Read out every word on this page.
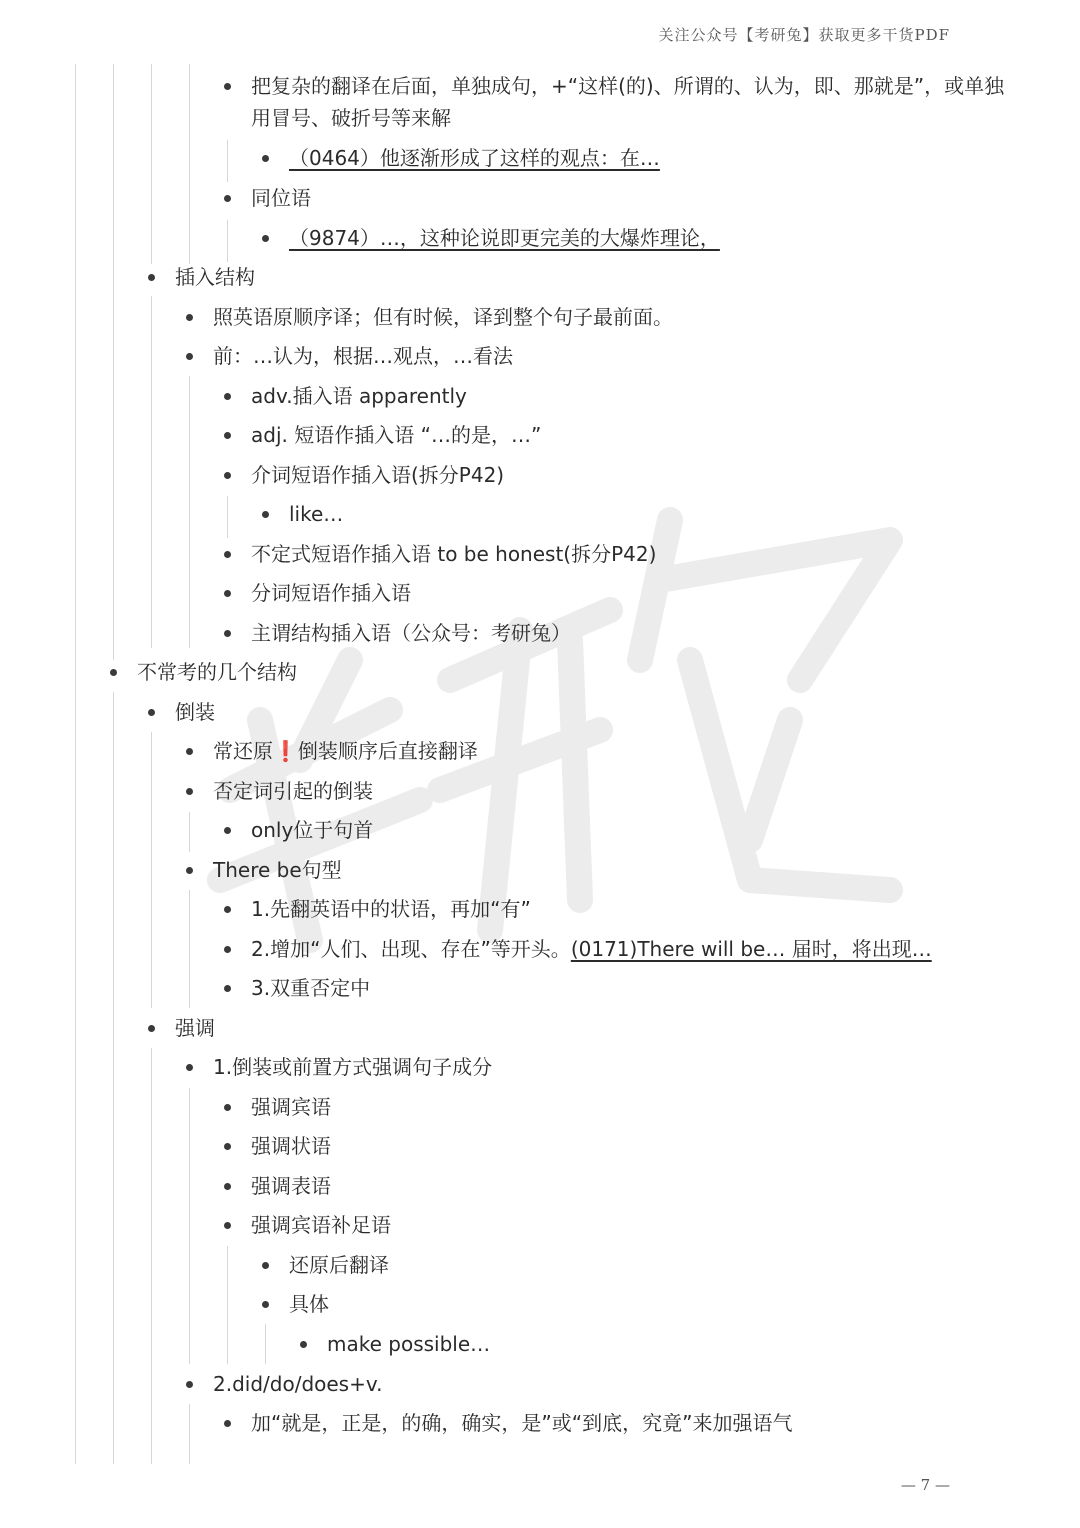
关注公众号【考研兔】获取更多干货PDF
把复杂的翻译在后面，单独成句，+“这样(的)、所谓的、认为，即、那就是”，或单独用冒号、破折号等来解
（0464）他逐渐形成了这样的观点：在…
同位语
（9874）…，这种论说即更完美的大爆炸理论，
插入结构
照英语原顺序译；但有时候，译到整个句子最前面。
前：…认为，根据…观点，…看法
adv.插入语 apparently
adj. 短语作插入语 “…的是，…”
介词短语作插入语(拆分P42)
like…
不定式短语作插入语 to be honest(拆分P42)
分词短语作插入语
主谓结构插入语（公众号：考研兔）
不常考的几个结构
倒装
常还原❗倒装顺序后直接翻译
否定词引起的倒装
only位于句首
There be句型
1.先翻英语中的状语，再加“有”
2.增加“人们、出现、存在”等开头。(0171)There will be… 届时，将出现…
3.双重否定中
强调
1.倒装或前置方式强调句子成分
强调宾语
强调状语
强调表语
强调宾语补足语
还原后翻译
具体
make possible…
2.did/do/does+v.
加“就是，正是，的确，确实，是”或“到底，究竟”来加强语气
— 7 —
